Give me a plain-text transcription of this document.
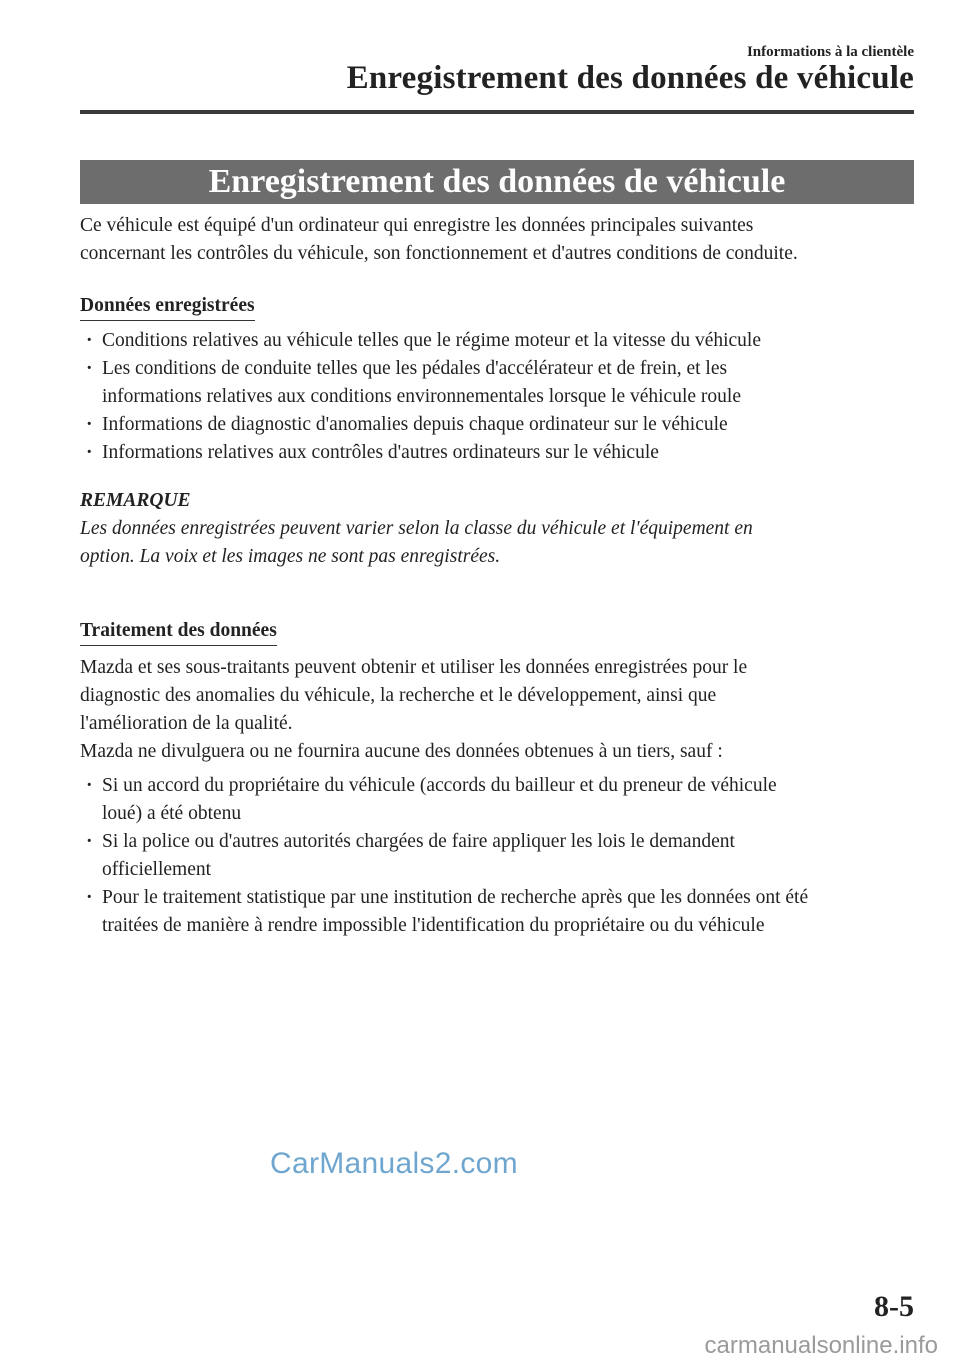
Informations à la clientèle
Enregistrement des données de véhicule
Enregistrement des données de véhicule

Ce véhicule est équipé d'un ordinateur qui enregistre les données principales suivantes

concernant les contrôles du véhicule, son fonctionnement et d'autres conditions de conduite.

Données enregistrées
· Conditions relatives au véhicule telles que le régime moteur et la vitesse du véhicule
· Les conditions de conduite telles que les pédales d'accélérateur et de frein, et les
informations relatives aux conditions environnementales lorsque le véhicule roule
· Informations de diagnostic d'anomalies depuis chaque ordinateur sur le véhicule
· Informations relatives aux contrôles d'autres ordinateurs sur le véhicule
REMARQUE
Les données enregistrées peuvent varier selon la classe du véhicule et l'équipement en
option. La voix et les images ne sont pas enregistrées.
Traitement des données

Mazda et ses sous-traitants peuvent obtenir et utiliser les données enregistrées pour le

diagnostic des anomalies du véhicule, la recherche et le développement, ainsi que

l'amélioration de la qualité.

Mazda ne divulguera ou ne fournira aucune des données obtenues à un tiers, sauf :

· Si un accord du propriétaire du véhicule (accords du bailleur et du preneur de véhicule
loué) a été obtenu
· Si la police ou d'autres autorités chargées de faire appliquer les lois le demandent
officiellement
· Pour le traitement statistique par une institution de recherche après que les données ont été
traitées de manière à rendre impossible l'identification du propriétaire ou du véhicule
CarManuals2.com
8-5
carmanualsonline.info
